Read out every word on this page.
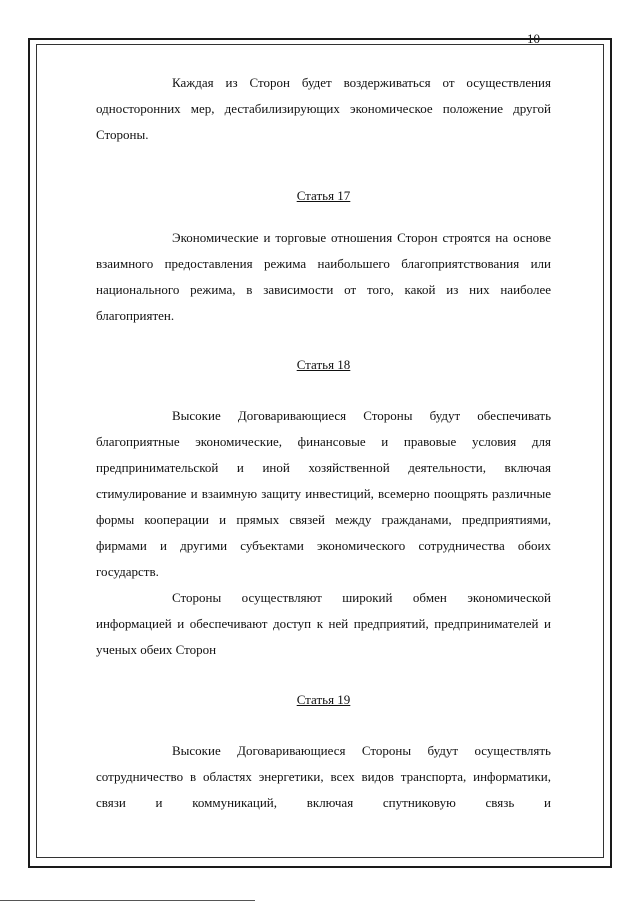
10

Каждая из Сторон будет воздерживаться от осуществления односторонних мер, дестабилизирующих экономическое положение другой Стороны.

Статья 17

Экономические и торговые отношения Сторон строятся на основе взаимного предоставления режима наибольшего благоприятствования или национального режима, в зависимости от того, какой из них наиболее благоприятен.

Статья 18

Высокие Договаривающиеся Стороны будут обеспечивать благоприятные экономические, финансовые и правовые условия для предпринимательской и иной хозяйственной деятельности, включая стимулирование и взаимную защиту инвестиций, всемерно поощрять различные формы кооперации и прямых связей между гражданами, предприятиями, фирмами и другими субъектами экономического сотрудничества обоих государств.

Стороны осуществляют широкий обмен экономической информацией и обеспечивают доступ к ней предприятий, предпринимателей и ученых обеих Сторон

Статья 19

Высокие Договаривающиеся Стороны будут осуществлять сотрудничество в областях энергетики, всех видов транспорта, информатики, связи и коммуникаций, включая спутниковую связь и
